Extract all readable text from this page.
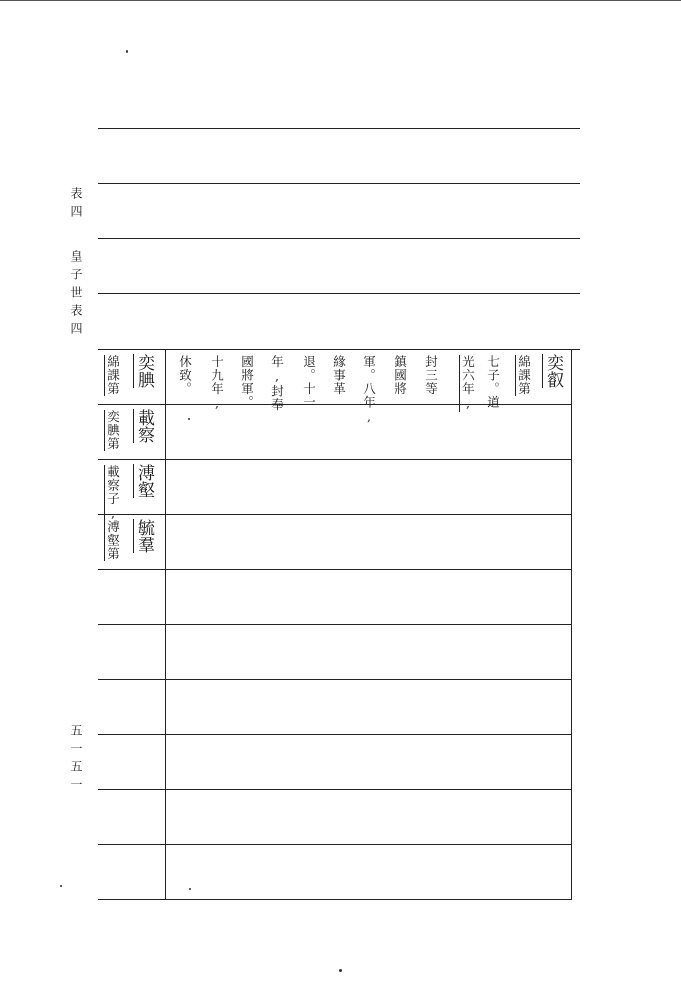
表四
皇子世表四
五一五一
奕叡
綿課第
七子。道
光六年,
封三等
鎮國將
軍。八年,
緣事革
退。十一
年,封奉
國將軍。
十九年,
休致。
綿課第 奕腆
奕腆第 載察
載察子, 溥壑
溥壑第 毓羣
